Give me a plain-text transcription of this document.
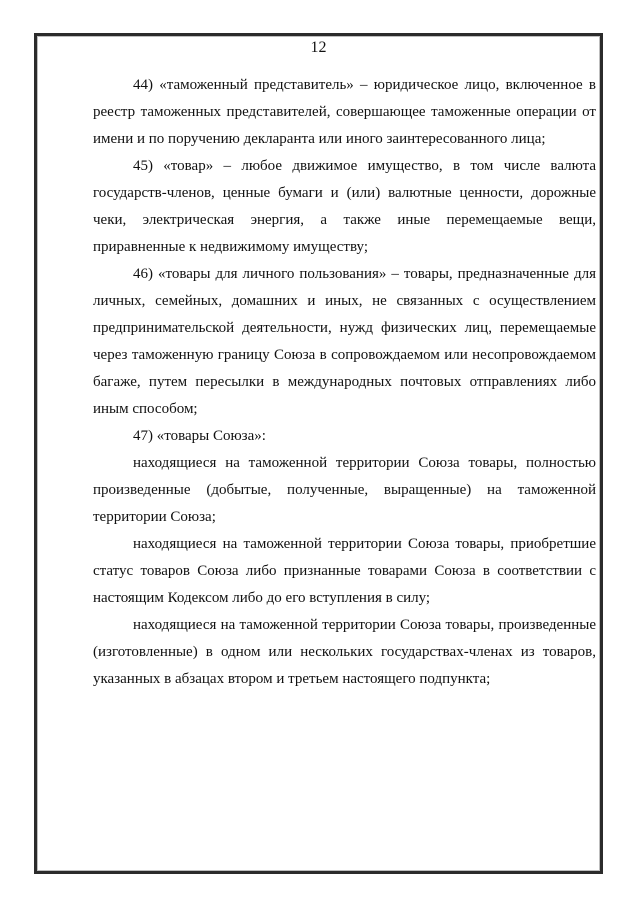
12

44) «таможенный представитель» – юридическое лицо, включенное в реестр таможенных представителей, совершающее таможенные операции от имени и по поручению декларанта или иного заинтересованного лица;

45) «товар» – любое движимое имущество, в том числе валюта государств-членов, ценные бумаги и (или) валютные ценности, дорожные чеки, электрическая энергия, а также иные перемещаемые вещи, приравненные к недвижимому имуществу;

46) «товары для личного пользования» – товары, предназначенные для личных, семейных, домашних и иных, не связанных с осуществлением предпринимательской деятельности, нужд физических лиц, перемещаемые через таможенную границу Союза в сопровождаемом или несопровождаемом багаже, путем пересылки в международных почтовых отправлениях либо иным способом;

47) «товары Союза»:

находящиеся на таможенной территории Союза товары, полностью произведенные (добытые, полученные, выращенные) на таможенной территории Союза;

находящиеся на таможенной территории Союза товары, приобретшие статус товаров Союза либо признанные товарами Союза в соответствии с настоящим Кодексом либо до его вступления в силу;

находящиеся на таможенной территории Союза товары, произведенные (изготовленные) в одном или нескольких государствах-членах из товаров, указанных в абзацах втором и третьем настоящего подпункта;
